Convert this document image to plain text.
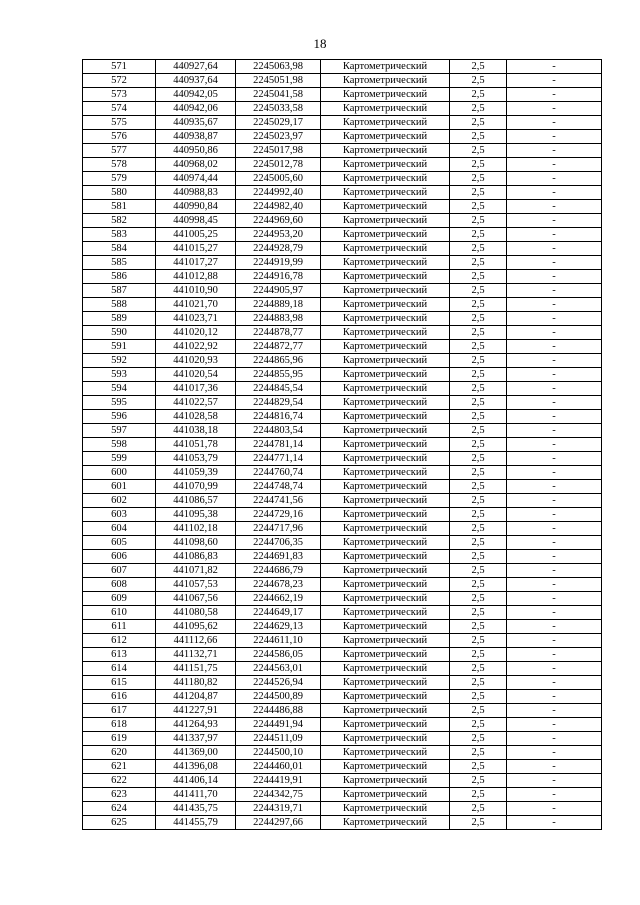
18
571	440927,64	2245063,98	Картометрический	2,5	-
572	440937,64	2245051,98	Картометрический	2,5	-
573	440942,05	2245041,58	Картометрический	2,5	-
574	440942,06	2245033,58	Картометрический	2,5	-
575	440935,67	2245029,17	Картометрический	2,5	-
576	440938,87	2245023,97	Картометрический	2,5	-
577	440950,86	2245017,98	Картометрический	2,5	-
578	440968,02	2245012,78	Картометрический	2,5	-
579	440974,44	2245005,60	Картометрический	2,5	-
580	440988,83	2244992,40	Картометрический	2,5	-
581	440990,84	2244982,40	Картометрический	2,5	-
582	440998,45	2244969,60	Картометрический	2,5	-
583	441005,25	2244953,20	Картометрический	2,5	-
584	441015,27	2244928,79	Картометрический	2,5	-
585	441017,27	2244919,99	Картометрический	2,5	-
586	441012,88	2244916,78	Картометрический	2,5	-
587	441010,90	2244905,97	Картометрический	2,5	-
588	441021,70	2244889,18	Картометрический	2,5	-
589	441023,71	2244883,98	Картометрический	2,5	-
590	441020,12	2244878,77	Картометрический	2,5	-
591	441022,92	2244872,77	Картометрический	2,5	-
592	441020,93	2244865,96	Картометрический	2,5	-
593	441020,54	2244855,95	Картометрический	2,5	-
594	441017,36	2244845,54	Картометрический	2,5	-
595	441022,57	2244829,54	Картометрический	2,5	-
596	441028,58	2244816,74	Картометрический	2,5	-
597	441038,18	2244803,54	Картометрический	2,5	-
598	441051,78	2244781,14	Картометрический	2,5	-
599	441053,79	2244771,14	Картометрический	2,5	-
600	441059,39	2244760,74	Картометрический	2,5	-
601	441070,99	2244748,74	Картометрический	2,5	-
602	441086,57	2244741,56	Картометрический	2,5	-
603	441095,38	2244729,16	Картометрический	2,5	-
604	441102,18	2244717,96	Картометрический	2,5	-
605	441098,60	2244706,35	Картометрический	2,5	-
606	441086,83	2244691,83	Картометрический	2,5	-
607	441071,82	2244686,79	Картометрический	2,5	-
608	441057,53	2244678,23	Картометрический	2,5	-
609	441067,56	2244662,19	Картометрический	2,5	-
610	441080,58	2244649,17	Картометрический	2,5	-
611	441095,62	2244629,13	Картометрический	2,5	-
612	441112,66	2244611,10	Картометрический	2,5	-
613	441132,71	2244586,05	Картометрический	2,5	-
614	441151,75	2244563,01	Картометрический	2,5	-
615	441180,82	2244526,94	Картометрический	2,5	-
616	441204,87	2244500,89	Картометрический	2,5	-
617	441227,91	2244486,88	Картометрический	2,5	-
618	441264,93	2244491,94	Картометрический	2,5	-
619	441337,97	2244511,09	Картометрический	2,5	-
620	441369,00	2244500,10	Картометрический	2,5	-
621	441396,08	2244460,01	Картометрический	2,5	-
622	441406,14	2244419,91	Картометрический	2,5	-
623	441411,70	2244342,75	Картометрический	2,5	-
624	441435,75	2244319,71	Картометрический	2,5	-
625	441455,79	2244297,66	Картометрический	2,5	-
